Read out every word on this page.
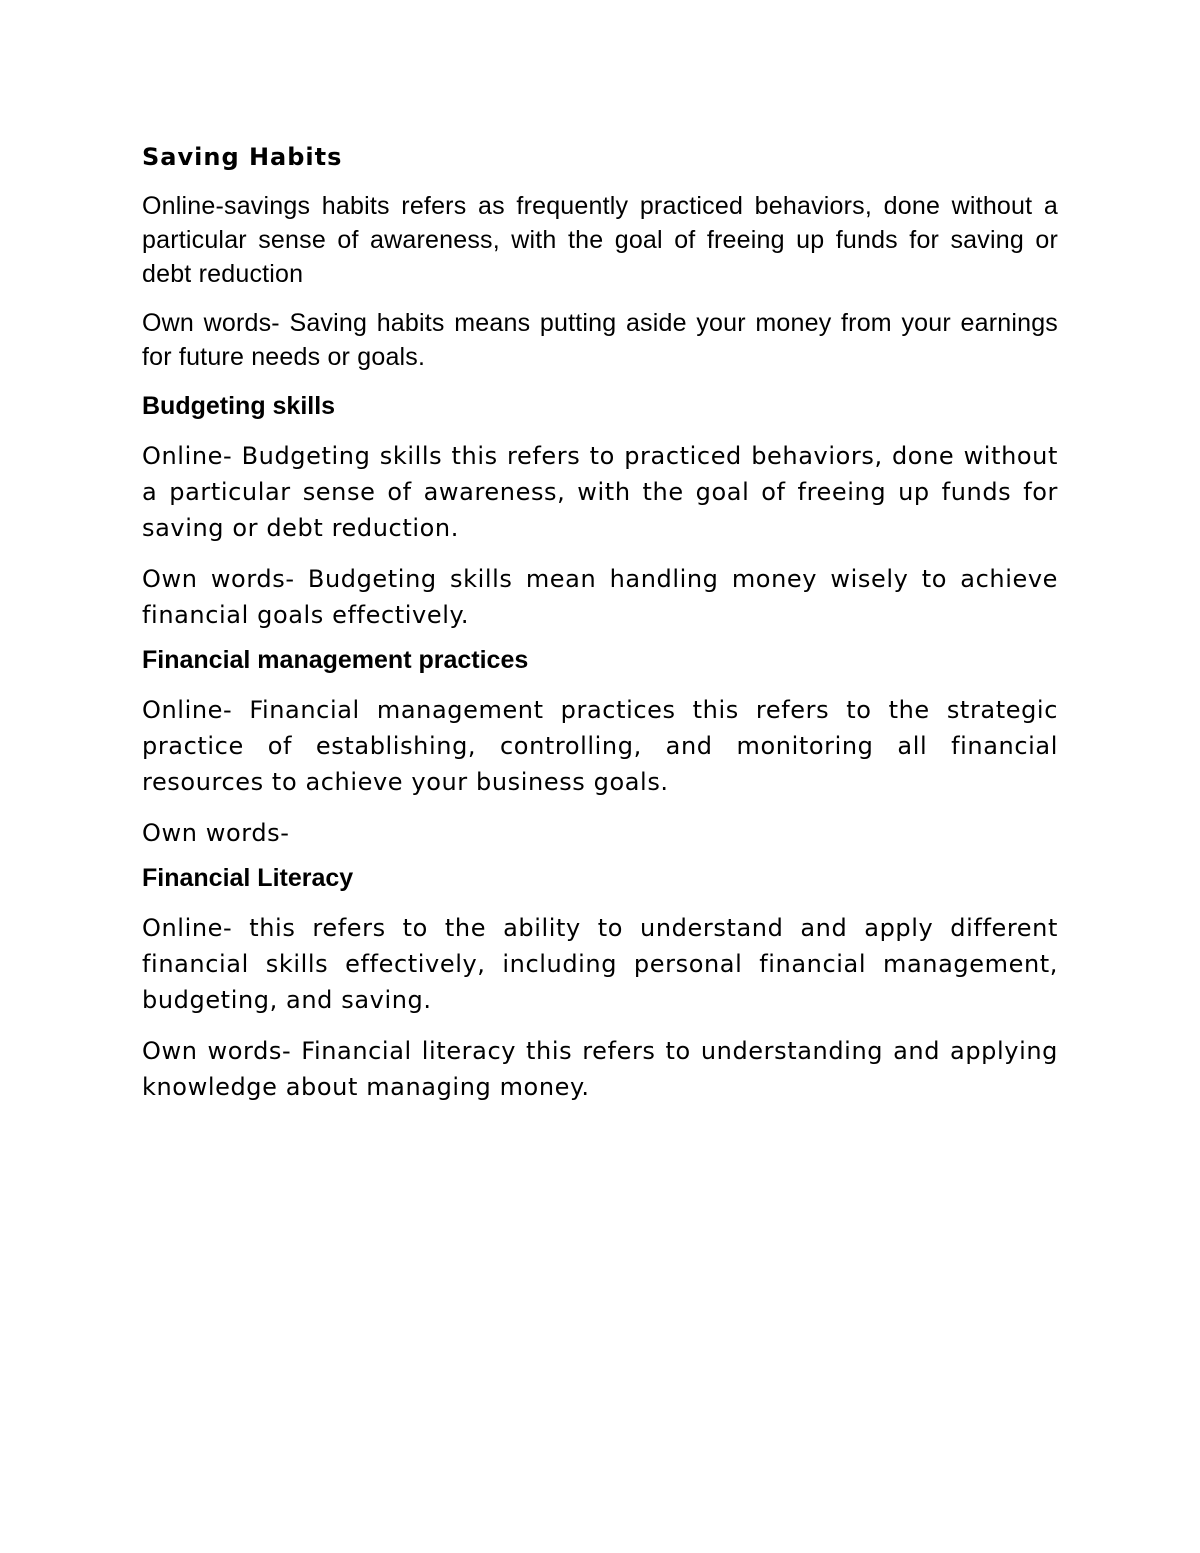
Saving Habits
Online-savings habits refers as frequently practiced behaviors, done without a particular sense of awareness, with the goal of freeing up funds for saving or debt reduction
Own words- Saving habits means putting aside your money from your earnings for future needs or goals.
Budgeting skills
Online- Budgeting skills this refers to practiced behaviors, done without a particular sense of awareness, with the goal of freeing up funds for saving or debt reduction.
Own words- Budgeting skills mean handling money wisely to achieve financial goals effectively.
Financial management practices
Online- Financial management practices this refers to the strategic practice of establishing, controlling, and monitoring all financial resources to achieve your business goals.
Own words-
Financial Literacy
Online- this refers to the ability to understand and apply different financial skills effectively, including personal financial management, budgeting, and saving.
Own words- Financial literacy this refers to understanding and applying knowledge about managing money.
